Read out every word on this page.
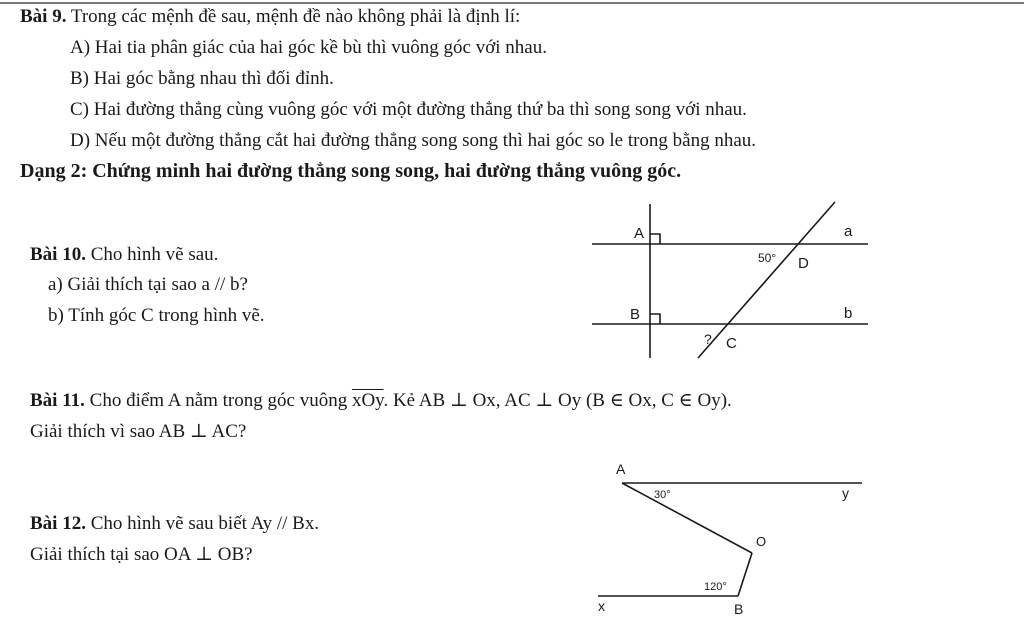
Bài 9. Trong các mệnh đề sau, mệnh đề nào không phải là định lí:
A) Hai tia phân giác của hai góc kề bù thì vuông góc với nhau.
B) Hai góc bằng nhau thì đối đỉnh.
C) Hai đường thẳng cùng vuông góc với một đường thẳng thứ ba thì song song với nhau.
D) Nếu một đường thẳng cắt hai đường thẳng song song thì hai góc so le trong bằng nhau.
Dạng 2: Chứng minh hai đường thẳng song song, hai đường thẳng vuông góc.
Bài 10. Cho hình vẽ sau.
a) Giải thích tại sao a // b?
b) Tính góc C trong hình vẽ.
A
B
a
b
D
C
50°
?
Bài 11. Cho điểm A nằm trong góc vuông $\overline{xOy}$. Kẻ AB ⊥ Ox, AC ⊥ Oy (B ∈ Ox, C ∈ Oy).
Giải thích vì sao AB ⊥ AC?
Bài 12. Cho hình vẽ sau biết Ay // Bx.
Giải thích tại sao OA ⊥ OB?
A
y
O
x	B
30°
120°
